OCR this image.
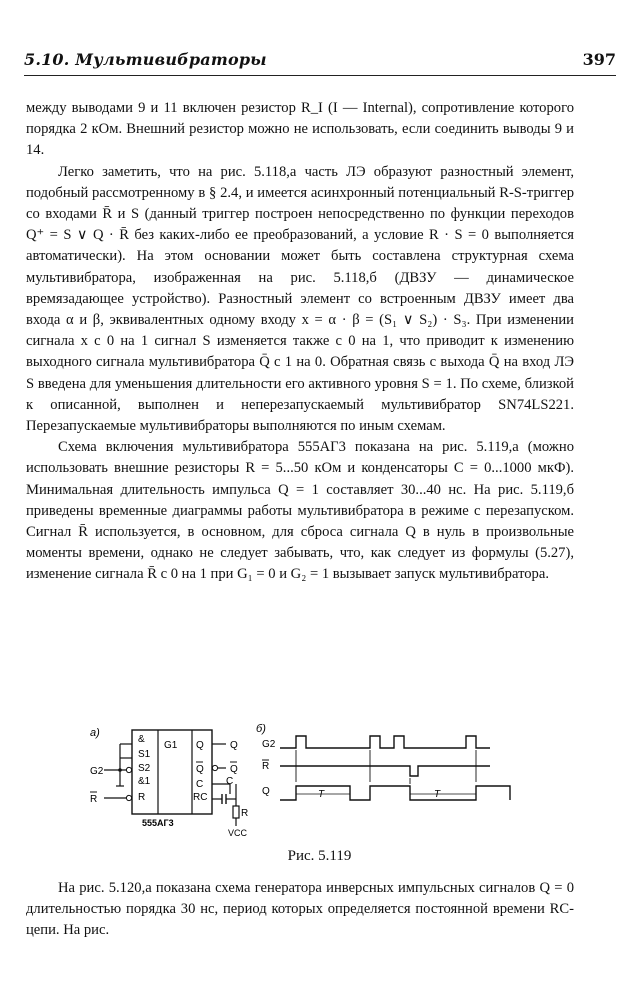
5.10. Мультивибраторы	397

между выводами 9 и 11 включен резистор R_I (I — Internal), сопротивление которого порядка 2 кОм. Внешний резистор можно не использовать, если соединить выводы 9 и 14.

Легко заметить, что на рис. 5.118,а часть ЛЭ образуют разностный элемент, подобный рассмотренному в § 2.4, и имеется асинхронный потенциальный R-S-триггер со входами R̄ и S (данный триггер построен непосредственно по функции переходов Q⁺ = S ∨ Q · R̄ без каких-либо ее преобразований, а условие R · S = 0 выполняется автоматически). На этом основании может быть составлена структурная схема мультивибратора, изображенная на рис. 5.118,б (ДВЗУ — динамическое времязадающее устройство). Разностный элемент со встроенным ДВЗУ имеет два входа α и β, эквивалентных одному входу x = α · β = (S₁ ∨ S₂) · S₃. При изменении сигнала x с 0 на 1 сигнал S изменяется также с 0 на 1, что приводит к изменению выходного сигнала мультивибратора Q̄ с 1 на 0. Обратная связь с выхода Q̄ на вход ЛЭ S введена для уменьшения длительности его активного уровня S = 1. По схеме, близкой к описанной, выполнен и неперезапускаемый мультивибратор SN74LS221. Перезапускаемые мультивибраторы выполняются по иным схемам.

Схема включения мультивибратора 555АГ3 показана на рис. 5.119,а (можно использовать внешние резисторы R = 5...50 кОм и конденсаторы C = 0...1000 мкФ). Минимальная длительность импульса Q = 1 составляет 30...40 нс. На рис. 5.119,б приведены временные диаграммы работы мультивибратора в режиме с перезапуском. Сигнал R̄ используется, в основном, для сброса сигнала Q в нуль в произвольные моменты времени, однако не следует забывать, что, как следует из формулы (5.27), изменение сигнала R̄ с 0 на 1 при G₁ = 0 и G₂ = 1 вызывает запуск мультивибратора.

а)
&
S1
S2
&1
R
G1 Q
Q
C
RC
G2
R
Q
Q
C
R
VCC
555АГ3
б)
G2
R
Q	T	T
Рис. 5.119

На рис. 5.120,а показана схема генератора инверсных импульсных сигналов Q = 0 длительностью порядка 30 нс, период которых определяется постоянной времени RC-цепи. На рис.
